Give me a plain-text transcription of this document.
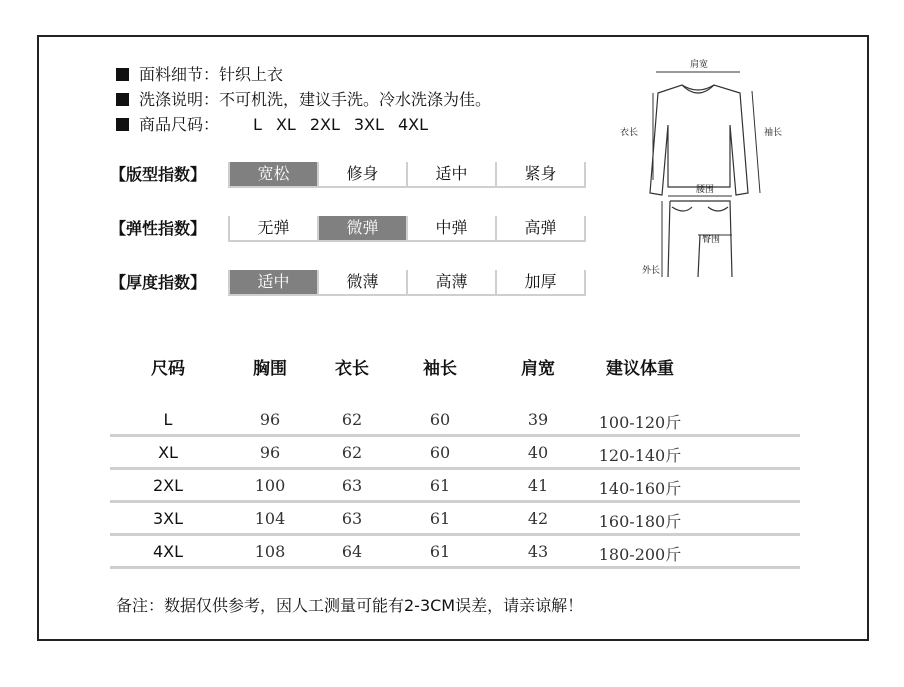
面料细节：针织上衣
洗涤说明：不可机洗，建议手洗。冷水洗涤为佳。
商品尺码： L XL 2XL 3XL 4XL
【版型指数】	宽松	修身	适中	紧身
【弹性指数】	无弹	微弹	中弹	高弹
【厚度指数】	适中	微薄	高薄	加厚
肩宽
衣长	袖长
腰围
臀围
外长
尺码	胸围	衣长	袖长	肩宽	建议体重
L	96	62	60	39	100-120斤
XL	96	62	60	40	120-140斤
2XL	100	63	61	41	140-160斤
3XL	104	63	61	42	160-180斤
4XL	108	64	61	43	180-200斤
备注：数据仅供参考，因人工测量可能有2-3CM误差，请亲谅解！
